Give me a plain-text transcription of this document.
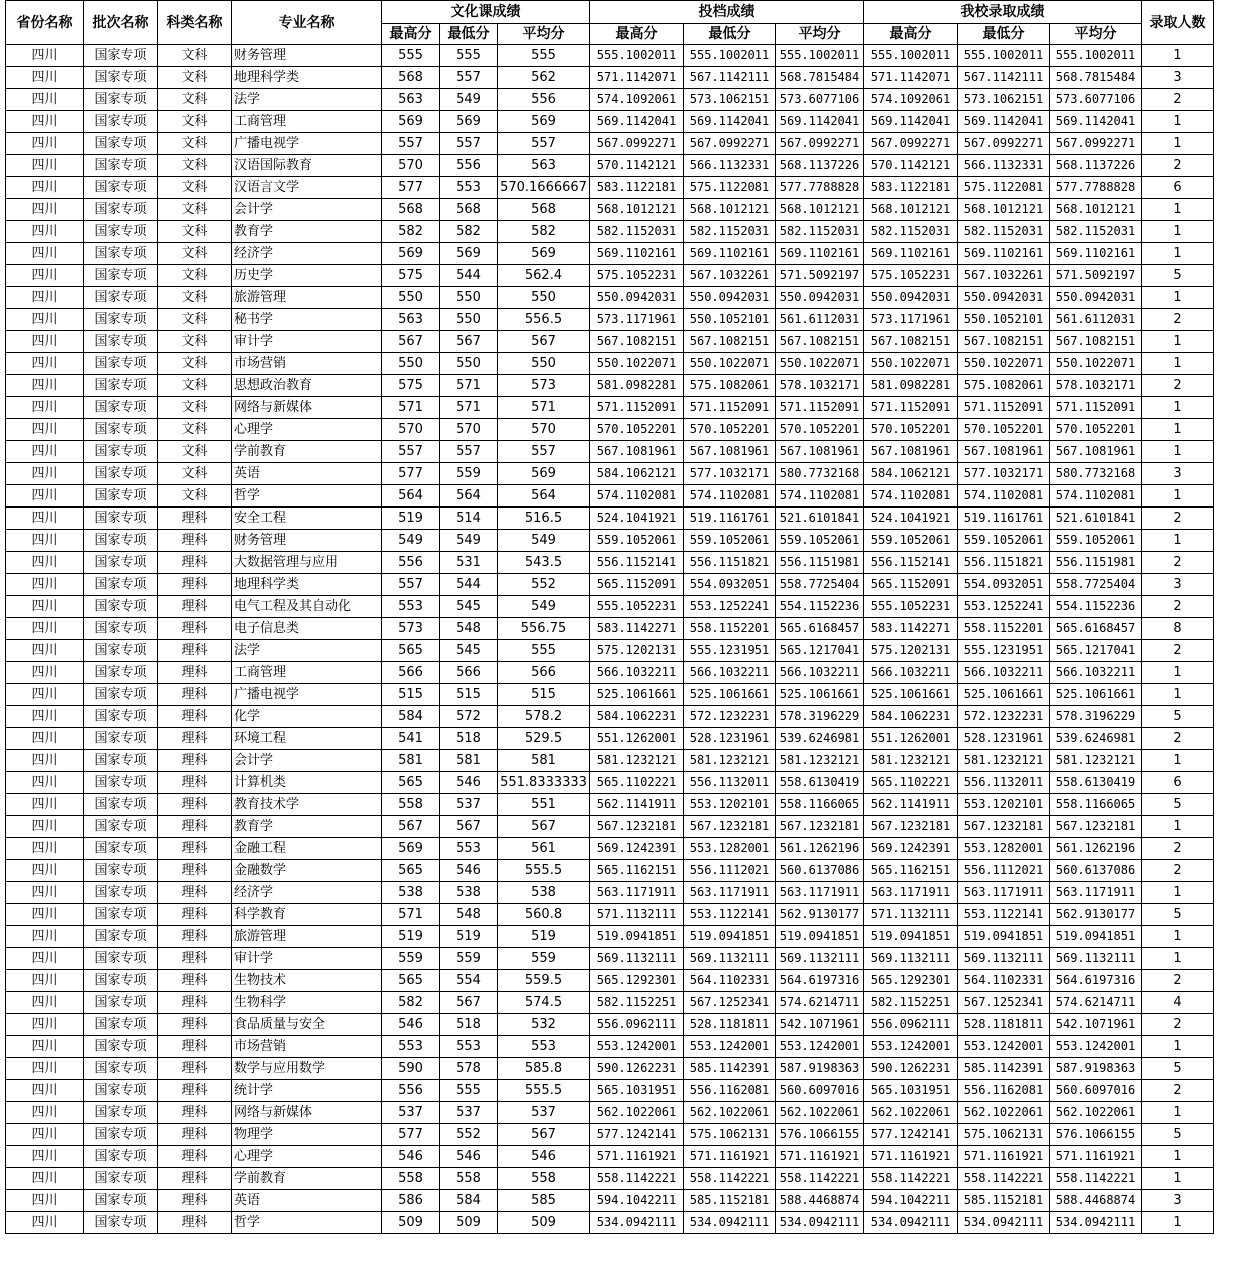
省份名称	批次名称	科类名称	专业名称	文化课成绩			投档成绩			我校录取成绩			录取人数
				最高分	最低分	平均分	最高分	最低分	平均分	最高分	最低分	平均分	
四川	国家专项	文科	财务管理	555	555	555	555.1002011	555.1002011	555.1002011	555.1002011	555.1002011	555.1002011	1
四川	国家专项	文科	地理科学类	568	557	562	571.1142071	567.1142111	568.7815484	571.1142071	567.1142111	568.7815484	3
四川	国家专项	文科	法学	563	549	556	574.1092061	573.1062151	573.6077106	574.1092061	573.1062151	573.6077106	2
四川	国家专项	文科	工商管理	569	569	569	569.1142041	569.1142041	569.1142041	569.1142041	569.1142041	569.1142041	1
四川	国家专项	文科	广播电视学	557	557	557	567.0992271	567.0992271	567.0992271	567.0992271	567.0992271	567.0992271	1
四川	国家专项	文科	汉语国际教育	570	556	563	570.1142121	566.1132331	568.1137226	570.1142121	566.1132331	568.1137226	2
四川	国家专项	文科	汉语言文学	577	553	570.1666667	583.1122181	575.1122081	577.7788828	583.1122181	575.1122081	577.7788828	6
四川	国家专项	文科	会计学	568	568	568	568.1012121	568.1012121	568.1012121	568.1012121	568.1012121	568.1012121	1
四川	国家专项	文科	教育学	582	582	582	582.1152031	582.1152031	582.1152031	582.1152031	582.1152031	582.1152031	1
四川	国家专项	文科	经济学	569	569	569	569.1102161	569.1102161	569.1102161	569.1102161	569.1102161	569.1102161	1
四川	国家专项	文科	历史学	575	544	562.4	575.1052231	567.1032261	571.5092197	575.1052231	567.1032261	571.5092197	5
四川	国家专项	文科	旅游管理	550	550	550	550.0942031	550.0942031	550.0942031	550.0942031	550.0942031	550.0942031	1
四川	国家专项	文科	秘书学	563	550	556.5	573.1171961	550.1052101	561.6112031	573.1171961	550.1052101	561.6112031	2
四川	国家专项	文科	审计学	567	567	567	567.1082151	567.1082151	567.1082151	567.1082151	567.1082151	567.1082151	1
四川	国家专项	文科	市场营销	550	550	550	550.1022071	550.1022071	550.1022071	550.1022071	550.1022071	550.1022071	1
四川	国家专项	文科	思想政治教育	575	571	573	581.0982281	575.1082061	578.1032171	581.0982281	575.1082061	578.1032171	2
四川	国家专项	文科	网络与新媒体	571	571	571	571.1152091	571.1152091	571.1152091	571.1152091	571.1152091	571.1152091	1
四川	国家专项	文科	心理学	570	570	570	570.1052201	570.1052201	570.1052201	570.1052201	570.1052201	570.1052201	1
四川	国家专项	文科	学前教育	557	557	557	567.1081961	567.1081961	567.1081961	567.1081961	567.1081961	567.1081961	1
四川	国家专项	文科	英语	577	559	569	584.1062121	577.1032171	580.7732168	584.1062121	577.1032171	580.7732168	3
四川	国家专项	文科	哲学	564	564	564	574.1102081	574.1102081	574.1102081	574.1102081	574.1102081	574.1102081	1
四川	国家专项	理科	安全工程	519	514	516.5	524.1041921	519.1161761	521.6101841	524.1041921	519.1161761	521.6101841	2
四川	国家专项	理科	财务管理	549	549	549	559.1052061	559.1052061	559.1052061	559.1052061	559.1052061	559.1052061	1
四川	国家专项	理科	大数据管理与应用	556	531	543.5	556.1152141	556.1151821	556.1151981	556.1152141	556.1151821	556.1151981	2
四川	国家专项	理科	地理科学类	557	544	552	565.1152091	554.0932051	558.7725404	565.1152091	554.0932051	558.7725404	3
四川	国家专项	理科	电气工程及其自动化	553	545	549	555.1052231	553.1252241	554.1152236	555.1052231	553.1252241	554.1152236	2
四川	国家专项	理科	电子信息类	573	548	556.75	583.1142271	558.1152201	565.6168457	583.1142271	558.1152201	565.6168457	8
四川	国家专项	理科	法学	565	545	555	575.1202131	555.1231951	565.1217041	575.1202131	555.1231951	565.1217041	2
四川	国家专项	理科	工商管理	566	566	566	566.1032211	566.1032211	566.1032211	566.1032211	566.1032211	566.1032211	1
四川	国家专项	理科	广播电视学	515	515	515	525.1061661	525.1061661	525.1061661	525.1061661	525.1061661	525.1061661	1
四川	国家专项	理科	化学	584	572	578.2	584.1062231	572.1232231	578.3196229	584.1062231	572.1232231	578.3196229	5
四川	国家专项	理科	环境工程	541	518	529.5	551.1262001	528.1231961	539.6246981	551.1262001	528.1231961	539.6246981	2
四川	国家专项	理科	会计学	581	581	581	581.1232121	581.1232121	581.1232121	581.1232121	581.1232121	581.1232121	1
四川	国家专项	理科	计算机类	565	546	551.8333333	565.1102221	556.1132011	558.6130419	565.1102221	556.1132011	558.6130419	6
四川	国家专项	理科	教育技术学	558	537	551	562.1141911	553.1202101	558.1166065	562.1141911	553.1202101	558.1166065	5
四川	国家专项	理科	教育学	567	567	567	567.1232181	567.1232181	567.1232181	567.1232181	567.1232181	567.1232181	1
四川	国家专项	理科	金融工程	569	553	561	569.1242391	553.1282001	561.1262196	569.1242391	553.1282001	561.1262196	2
四川	国家专项	理科	金融数学	565	546	555.5	565.1162151	556.1112021	560.6137086	565.1162151	556.1112021	560.6137086	2
四川	国家专项	理科	经济学	538	538	538	563.1171911	563.1171911	563.1171911	563.1171911	563.1171911	563.1171911	1
四川	国家专项	理科	科学教育	571	548	560.8	571.1132111	553.1122141	562.9130177	571.1132111	553.1122141	562.9130177	5
四川	国家专项	理科	旅游管理	519	519	519	519.0941851	519.0941851	519.0941851	519.0941851	519.0941851	519.0941851	1
四川	国家专项	理科	审计学	559	559	559	569.1132111	569.1132111	569.1132111	569.1132111	569.1132111	569.1132111	1
四川	国家专项	理科	生物技术	565	554	559.5	565.1292301	564.1102331	564.6197316	565.1292301	564.1102331	564.6197316	2
四川	国家专项	理科	生物科学	582	567	574.5	582.1152251	567.1252341	574.6214711	582.1152251	567.1252341	574.6214711	4
四川	国家专项	理科	食品质量与安全	546	518	532	556.0962111	528.1181811	542.1071961	556.0962111	528.1181811	542.1071961	2
四川	国家专项	理科	市场营销	553	553	553	553.1242001	553.1242001	553.1242001	553.1242001	553.1242001	553.1242001	1
四川	国家专项	理科	数学与应用数学	590	578	585.8	590.1262231	585.1142391	587.9198363	590.1262231	585.1142391	587.9198363	5
四川	国家专项	理科	统计学	556	555	555.5	565.1031951	556.1162081	560.6097016	565.1031951	556.1162081	560.6097016	2
四川	国家专项	理科	网络与新媒体	537	537	537	562.1022061	562.1022061	562.1022061	562.1022061	562.1022061	562.1022061	1
四川	国家专项	理科	物理学	577	552	567	577.1242141	575.1062131	576.1066155	577.1242141	575.1062131	576.1066155	5
四川	国家专项	理科	心理学	546	546	546	571.1161921	571.1161921	571.1161921	571.1161921	571.1161921	571.1161921	1
四川	国家专项	理科	学前教育	558	558	558	558.1142221	558.1142221	558.1142221	558.1142221	558.1142221	558.1142221	1
四川	国家专项	理科	英语	586	584	585	594.1042211	585.1152181	588.4468874	594.1042211	585.1152181	588.4468874	3
四川	国家专项	理科	哲学	509	509	509	534.0942111	534.0942111	534.0942111	534.0942111	534.0942111	534.0942111	1
